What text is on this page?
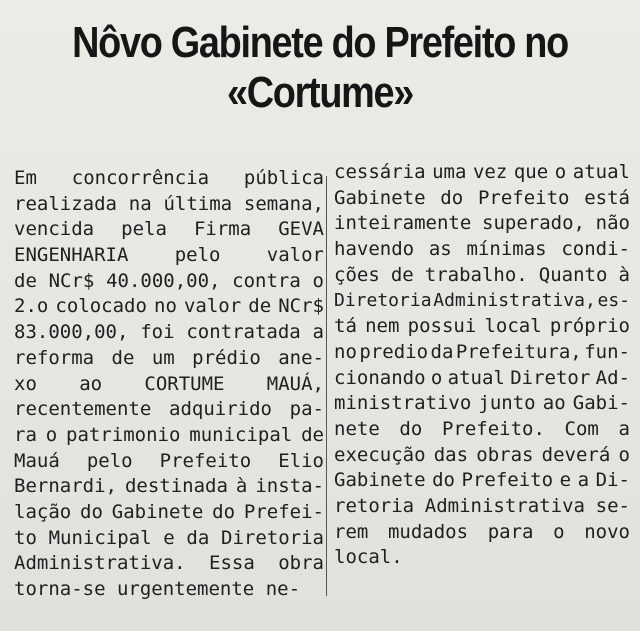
Nôvo Gabinete do Prefeito no
«Cortume»
Em concorrência pública
realizada na última semana,
vencida pela Firma GEVA
ENGENHARIA pelo valor
de NCr$ 40.000,00, contra o
2.o colocado no valor de NCr$
83.000,00, foi contratada a
reforma de um prédio ane-
xo ao CORTUME MAUÁ,
recentemente adquirido pa-
ra o patrimonio municipal de
Mauá pelo Prefeito Elio
Bernardi, destinada à insta-
lação do Gabinete do Prefei-
to Municipal e da Diretoria
Administrativa. Essa obra
torna-se
urgentemente
ne-

cessária uma vez que o atual
Gabinete do Prefeito está
inteiramente superado, não
havendo as mínimas condi-
ções de trabalho. Quanto à
Diretoria Administrativa, es-
tá nem possui local próprio
no predio da Prefeitura, fun-
cionando o atual Diretor Ad-
ministrativo junto ao Gabi-
nete do Prefeito. Com a
execução das obras deverá o
Gabinete do Prefeito e a Di-
retoria Administrativa se-
rem mudados para o novo
local.
